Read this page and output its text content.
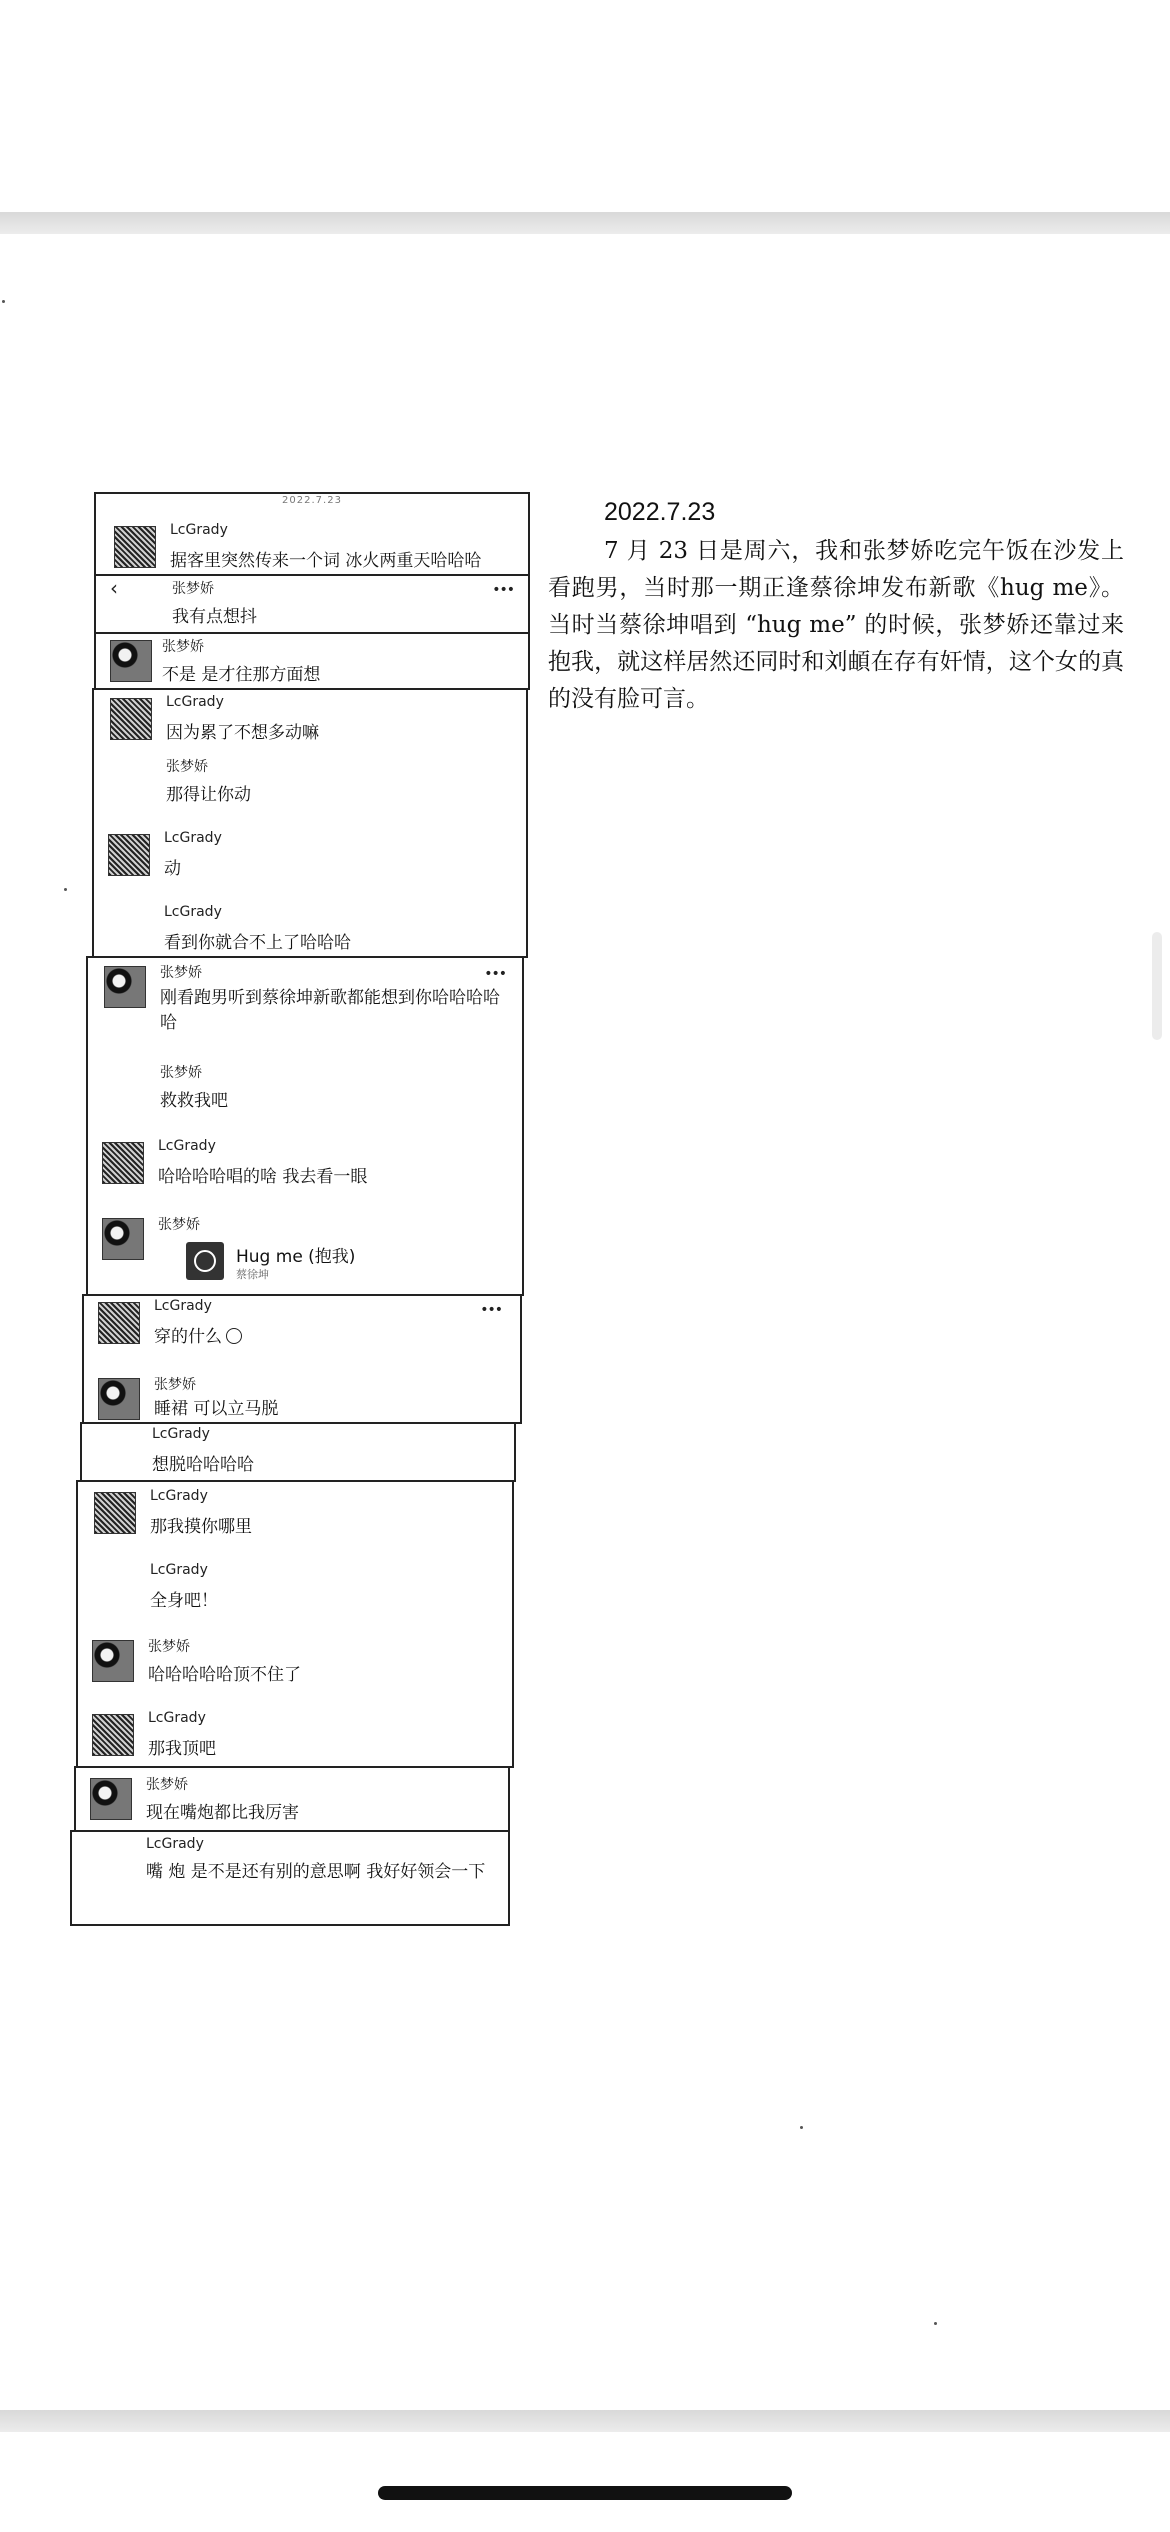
2022.7.23
7 月 23 日是周六，我和张梦娇吃完午饭在沙发上看跑男，当时那一期正逢蔡徐坤发布新歌《hug me》。当时当蔡徐坤唱到 “hug me” 的时候，张梦娇还靠过来抱我，就这样居然还同时和刘頔在存有奸情，这个女的真的没有脸可言。
2022.7.23
LcGrady
据客里突然传来一个词 冰火两重天哈哈哈
‹	张梦娇	•••
我有点想抖
张梦娇
不是 是才往那方面想
LcGrady
因为累了不想多动嘛
张梦娇
那得让你动
LcGrady
动
LcGrady
看到你就合不上了哈哈哈
张梦娇	•••
刚看跑男听到蔡徐坤新歌都能想到你哈哈哈哈哈
张梦娇
救救我吧
LcGrady
哈哈哈哈唱的啥 我去看一眼
张梦娇
Hug me (抱我)
蔡徐坤
LcGrady	•••
穿的什么
张梦娇
睡裙 可以立马脱
LcGrady
想脱哈哈哈哈
LcGrady
那我摸你哪里
LcGrady
全身吧！
张梦娇
哈哈哈哈哈顶不住了
LcGrady
那我顶吧
张梦娇
现在嘴炮都比我厉害
LcGrady
嘴 炮 是不是还有别的意思啊 我好好领会一下
